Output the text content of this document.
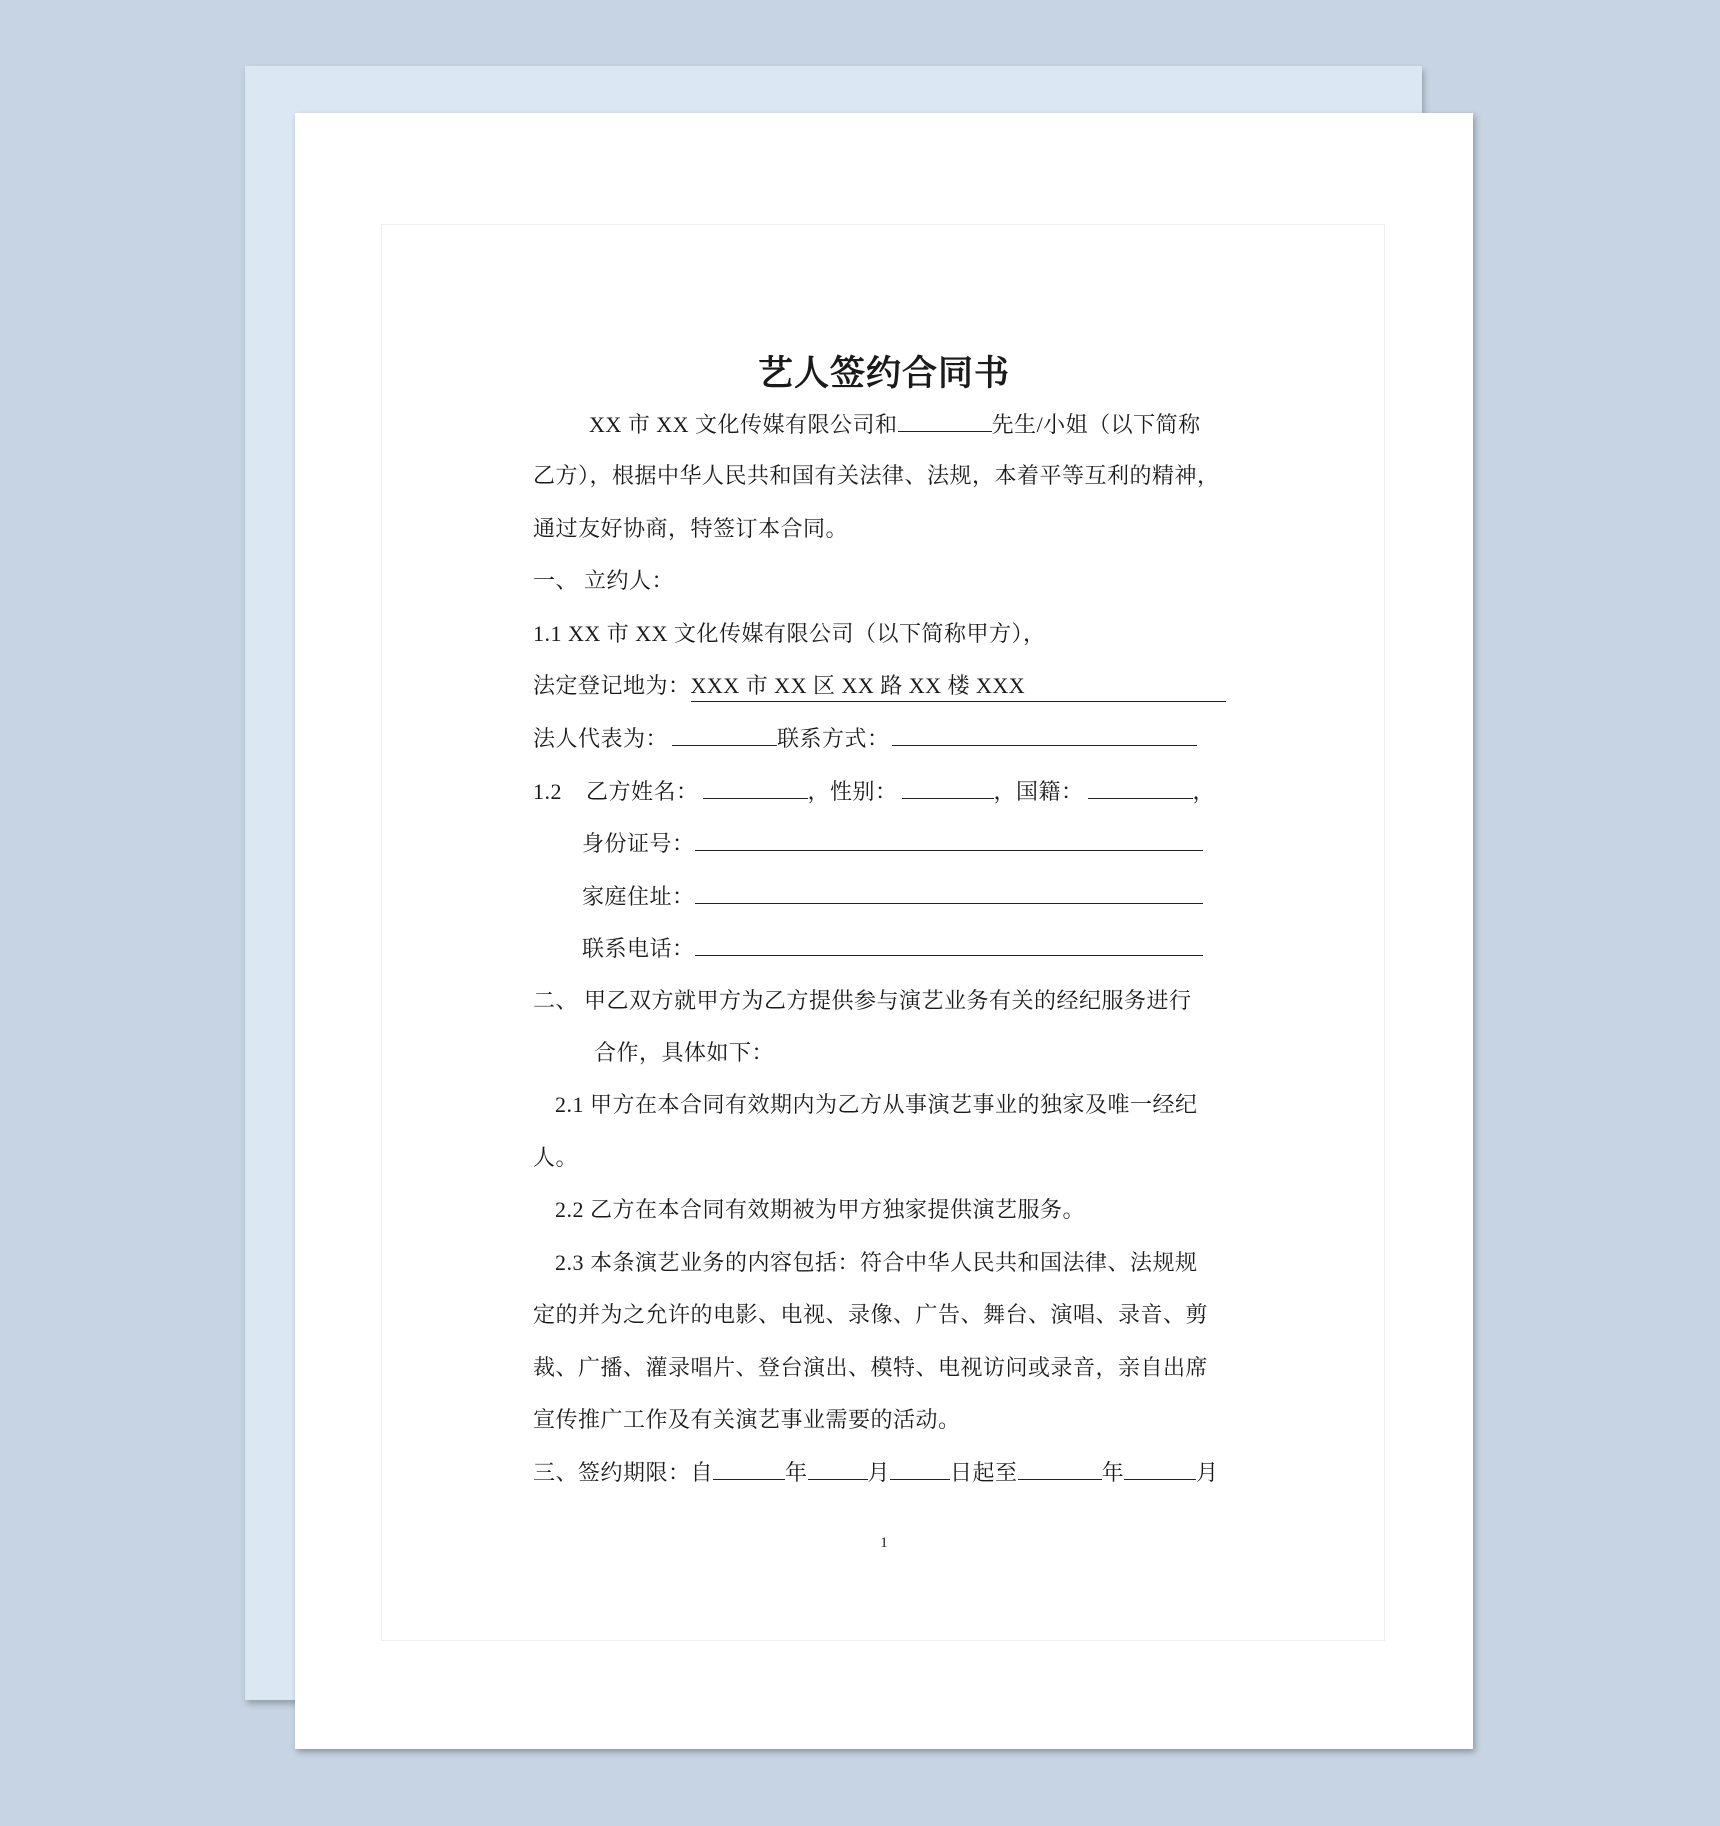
艺人签约合同书
XX 市 XX 文化传媒有限公司和	先生/小姐（以下简称
乙方），根据中华人民共和国有关法律、法规，本着平等互利的精神，
通过友好协商，特签订本合同。
一、 立约人：
1.1 XX 市 XX 文化传媒有限公司（以下简称甲方），
法定登记地为：XXX 市 XX 区 XX 路 XX 楼 XXX
法人代表为：	联系方式：
1.2 乙方姓名：	，性别：	，国籍：	，
身份证号：
家庭住址：
联系电话：
二、 甲乙双方就甲方为乙方提供参与演艺业务有关的经纪服务进行
合作，具体如下：
2.1 甲方在本合同有效期内为乙方从事演艺事业的独家及唯一经纪
人。
2.2 乙方在本合同有效期被为甲方独家提供演艺服务。
2.3 本条演艺业务的内容包括：符合中华人民共和国法律、法规规
定的并为之允许的电影、电视、录像、广告、舞台、演唱、录音、剪
裁、广播、灌录唱片、登台演出、模特、电视访问或录音，亲自出席
宣传推广工作及有关演艺事业需要的活动。
三、签约期限：自	年	月	日起至	年	月
1
